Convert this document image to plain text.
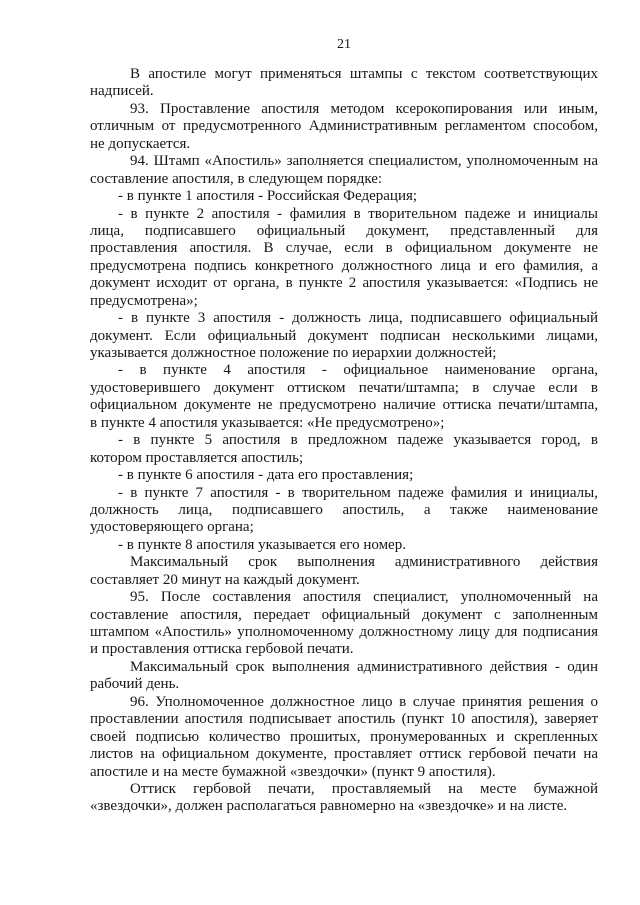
21
В апостиле могут применяться штампы с текстом соответствующих
надписей.
93. Проставление апостиля методом ксерокопирования или иным,
отличным от предусмотренного Административным регламентом способом,
не допускается.
94. Штамп «Апостиль» заполняется специалистом, уполномоченным на
составление апостиля, в следующем порядке:
- в пункте 1 апостиля - Российская Федерация;
- в пункте 2 апостиля - фамилия в творительном падеже и инициалы
лица, подписавшего официальный документ, представленный для
проставления апостиля. В случае, если в официальном документе не
предусмотрена подпись конкретного должностного лица и его фамилия, а
документ исходит от органа, в пункте 2 апостиля указывается: «Подпись не
предусмотрена»;
- в пункте 3 апостиля - должность лица, подписавшего официальный
документ. Если официальный документ подписан несколькими лицами,
указывается должностное положение по иерархии должностей;
- в пункте 4 апостиля - официальное наименование органа,
удостоверившего документ оттиском печати/штампа; в случае если в
официальном документе не предусмотрено наличие оттиска печати/штампа,
в пункте 4 апостиля указывается: «Не предусмотрено»;
- в пункте 5 апостиля в предложном падеже указывается город, в
котором проставляется апостиль;
- в пункте 6 апостиля - дата его проставления;
- в пункте 7 апостиля - в творительном падеже фамилия и инициалы,
должность лица, подписавшего апостиль, а также наименование
удостоверяющего органа;
- в пункте 8 апостиля указывается его номер.
Максимальный срок выполнения административного действия
составляет 20 минут на каждый документ.
95. После составления апостиля специалист, уполномоченный на
составление апостиля, передает официальный документ с заполненным
штампом «Апостиль» уполномоченному должностному лицу для подписания
и проставления оттиска гербовой печати.
Максимальный срок выполнения административного действия - один
рабочий день.
96. Уполномоченное должностное лицо в случае принятия решения о
проставлении апостиля подписывает апостиль (пункт 10 апостиля), заверяет
своей подписью количество прошитых, пронумерованных и скрепленных
листов на официальном документе, проставляет оттиск гербовой печати на
апостиле и на месте бумажной «звездочки» (пункт 9 апостиля).
Оттиск гербовой печати, проставляемый на месте бумажной
«звездочки», должен располагаться равномерно на «звездочке» и на листе.
